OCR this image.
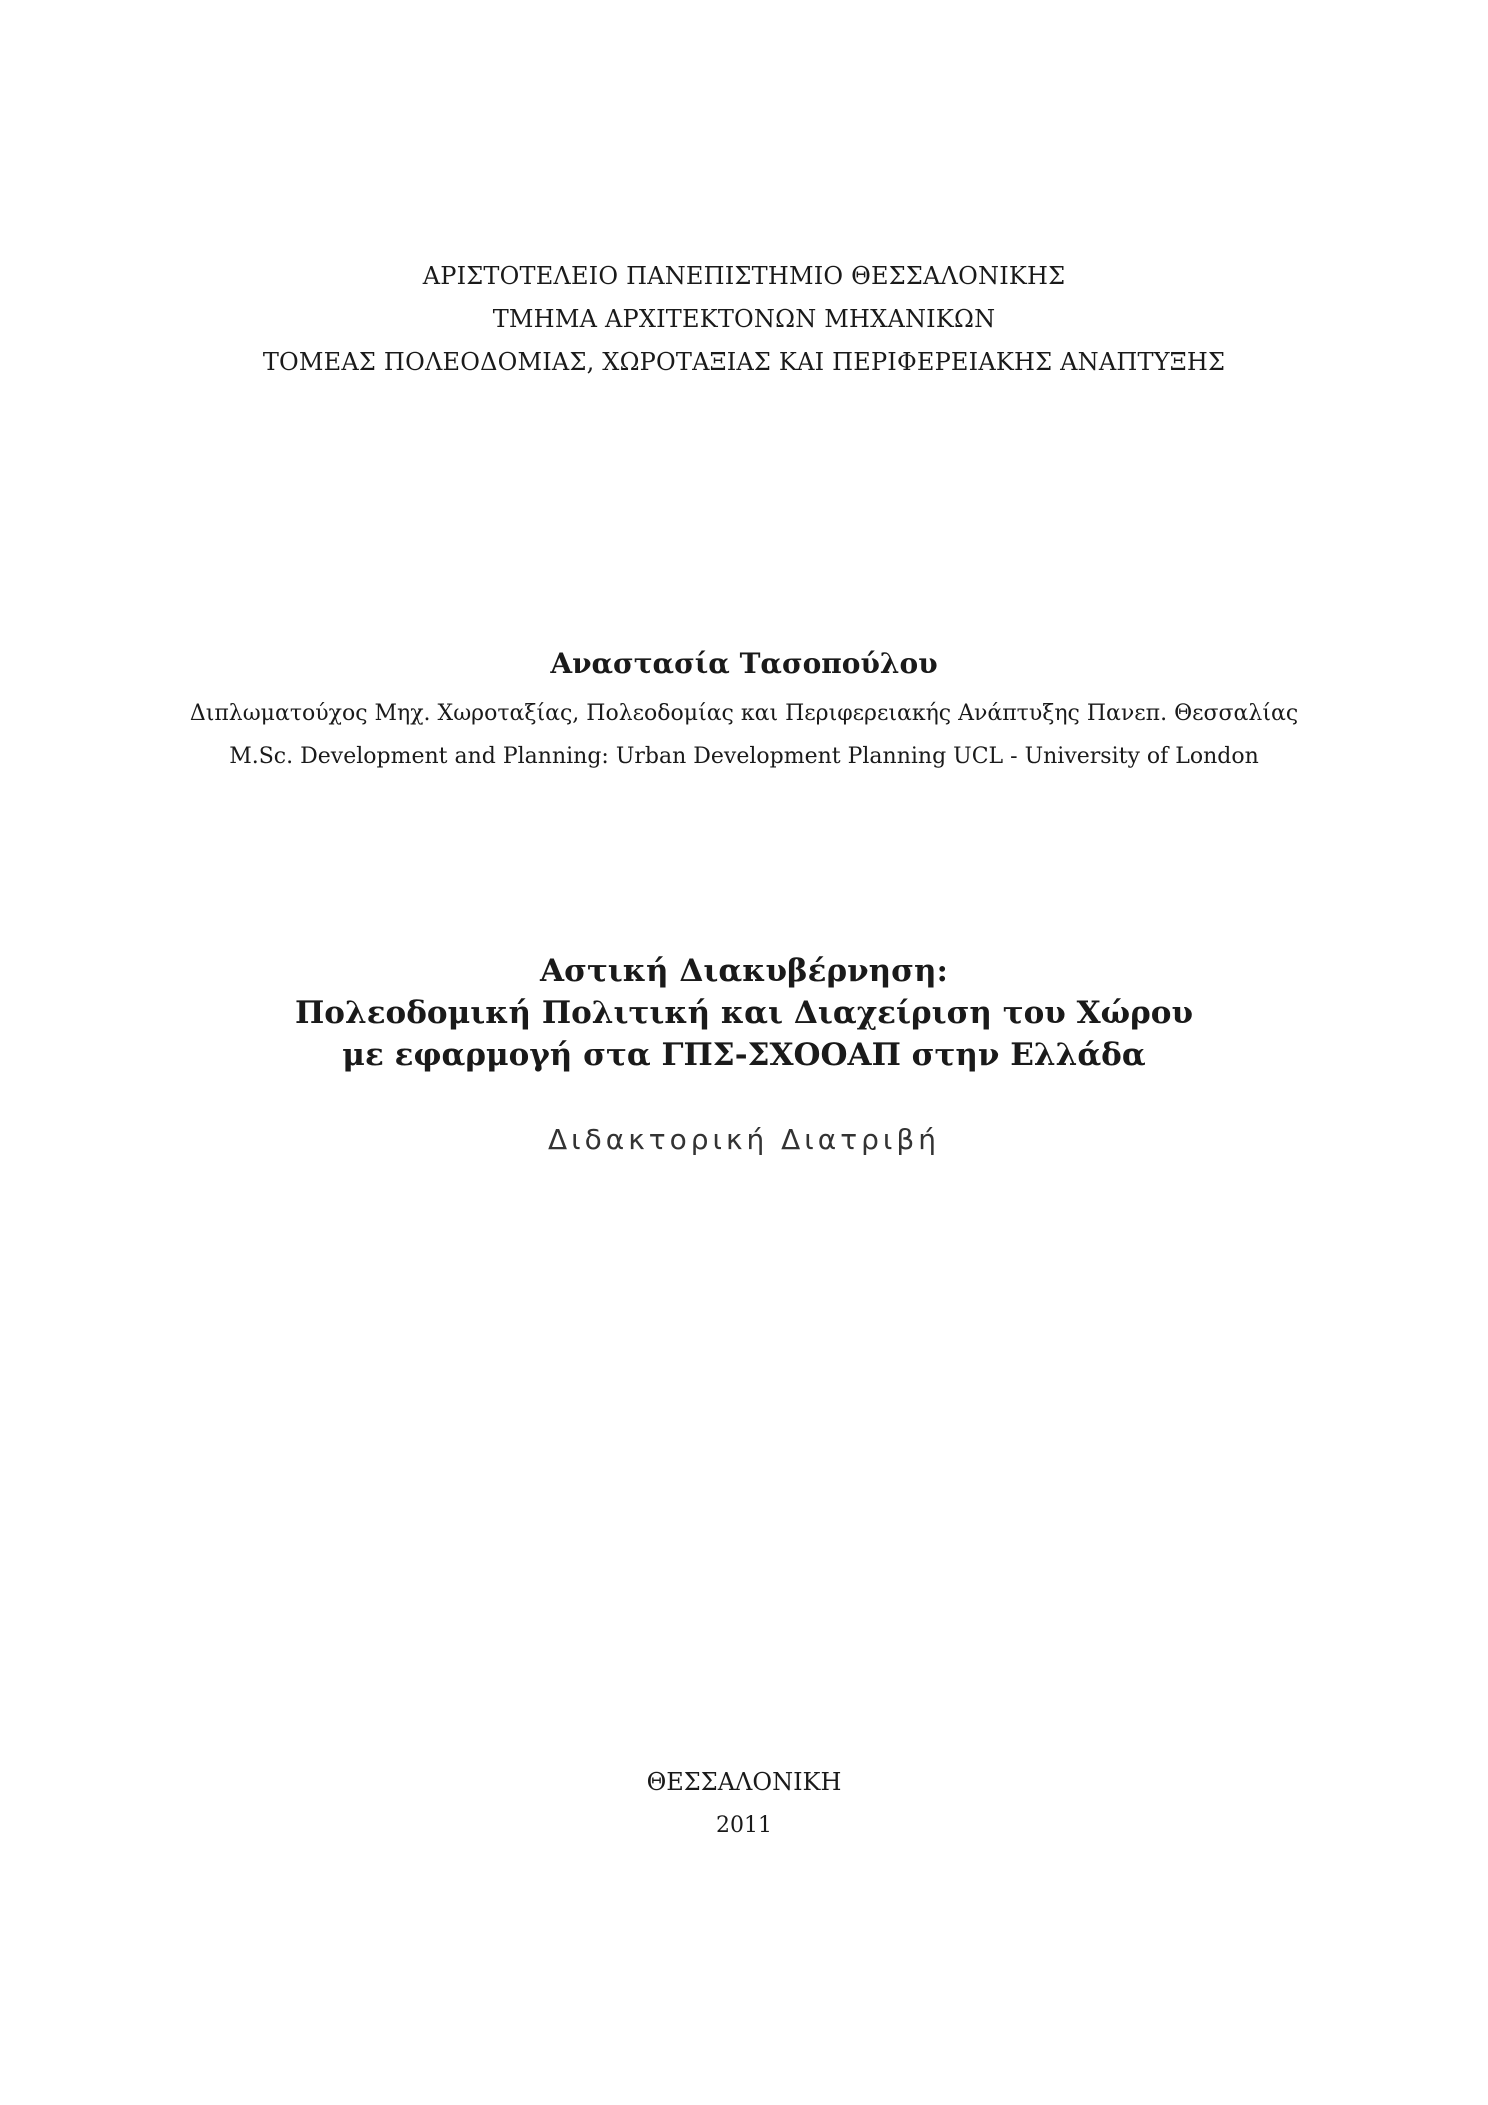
ΑΡΙΣΤΟΤΕΛΕΙΟ ΠΑΝΕΠΙΣΤΗΜΙΟ ΘΕΣΣΑΛΟΝΙΚΗΣ
ΤΜΗΜΑ ΑΡΧΙΤΕΚΤΟΝΩΝ ΜΗΧΑΝΙΚΩΝ
ΤΟΜΕΑΣ ΠΟΛΕΟΔΟΜΙΑΣ, ΧΩΡΟΤΑΞΙΑΣ ΚΑΙ ΠΕΡΙΦΕΡΕΙΑΚΗΣ ΑΝΑΠΤΥΞΗΣ
Αναστασία Τασοπούλου
Διπλωματούχος Μηχ. Χωροταξίας, Πολεοδομίας και Περιφερειακής Ανάπτυξης Πανεπ. Θεσσαλίας
M.Sc. Development and Planning: Urban Development Planning UCL - University of London
Αστική Διακυβέρνηση:
Πολεοδομική Πολιτική και Διαχείριση του Χώρου
με εφαρμογή στα ΓΠΣ-ΣΧΟΟΑΠ στην Ελλάδα
Διδακτορική Διατριβή
ΘΕΣΣΑΛΟΝΙΚΗ
2011
